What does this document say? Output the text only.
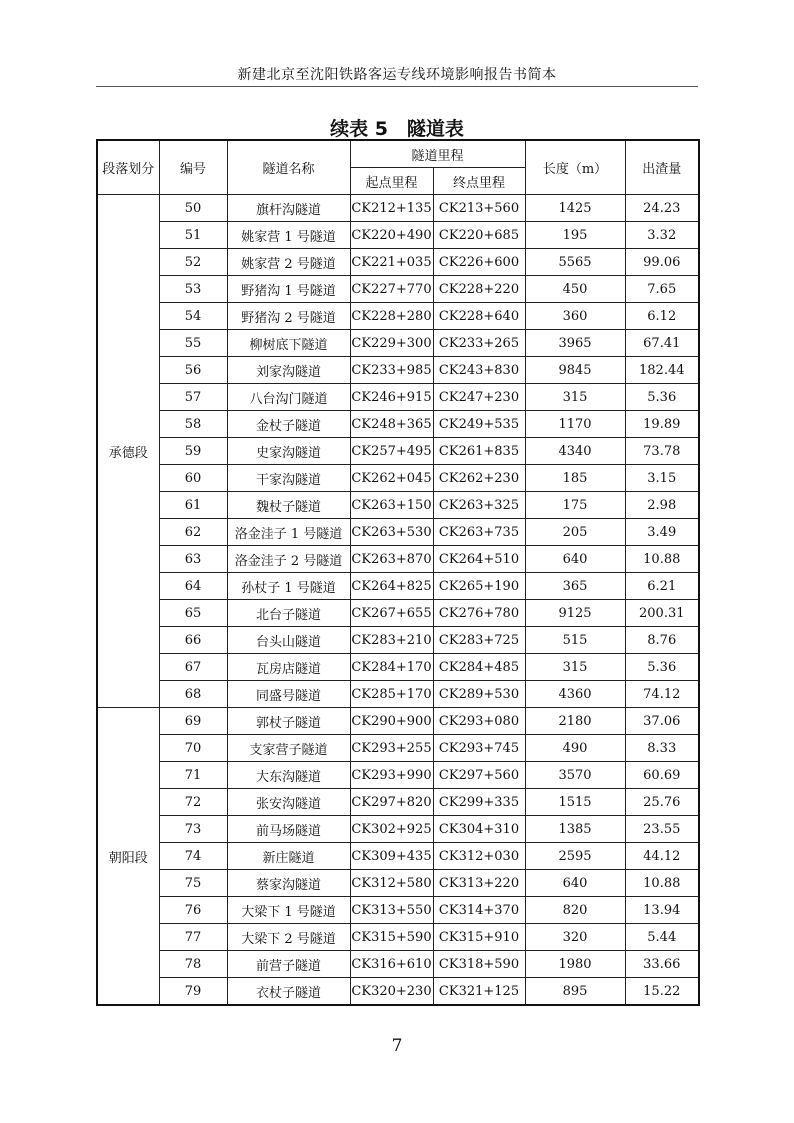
新建北京至沈阳铁路客运专线环境影响报告书简本
续表 5　隧道表
段落划分	编号	隧道名称	隧道里程		长度（m）	出渣量
			起点里程	终点里程		
承德段	50	旗杆沟隧道	CK212+135	CK213+560	1425	24.23
	51	姚家营 1 号隧道	CK220+490	CK220+685	195	3.32
	52	姚家营 2 号隧道	CK221+035	CK226+600	5565	99.06
	53	野猪沟 1 号隧道	CK227+770	CK228+220	450	7.65
	54	野猪沟 2 号隧道	CK228+280	CK228+640	360	6.12
	55	柳树底下隧道	CK229+300	CK233+265	3965	67.41
	56	刘家沟隧道	CK233+985	CK243+830	9845	182.44
	57	八台沟门隧道	CK246+915	CK247+230	315	5.36
	58	金杖子隧道	CK248+365	CK249+535	1170	19.89
	59	史家沟隧道	CK257+495	CK261+835	4340	73.78
	60	干家沟隧道	CK262+045	CK262+230	185	3.15
	61	魏杖子隧道	CK263+150	CK263+325	175	2.98
	62	洛金洼子 1 号隧道	CK263+530	CK263+735	205	3.49
	63	洛金洼子 2 号隧道	CK263+870	CK264+510	640	10.88
	64	孙杖子 1 号隧道	CK264+825	CK265+190	365	6.21
	65	北台子隧道	CK267+655	CK276+780	9125	200.31
	66	台头山隧道	CK283+210	CK283+725	515	8.76
	67	瓦房店隧道	CK284+170	CK284+485	315	5.36
	68	同盛号隧道	CK285+170	CK289+530	4360	74.12
朝阳段	69	郭杖子隧道	CK290+900	CK293+080	2180	37.06
	70	支家营子隧道	CK293+255	CK293+745	490	8.33
	71	大东沟隧道	CK293+990	CK297+560	3570	60.69
	72	张安沟隧道	CK297+820	CK299+335	1515	25.76
	73	前马场隧道	CK302+925	CK304+310	1385	23.55
	74	新庄隧道	CK309+435	CK312+030	2595	44.12
	75	蔡家沟隧道	CK312+580	CK313+220	640	10.88
	76	大梁下 1 号隧道	CK313+550	CK314+370	820	13.94
	77	大梁下 2 号隧道	CK315+590	CK315+910	320	5.44
	78	前营子隧道	CK316+610	CK318+590	1980	33.66
	79	衣杖子隧道	CK320+230	CK321+125	895	15.22
7
